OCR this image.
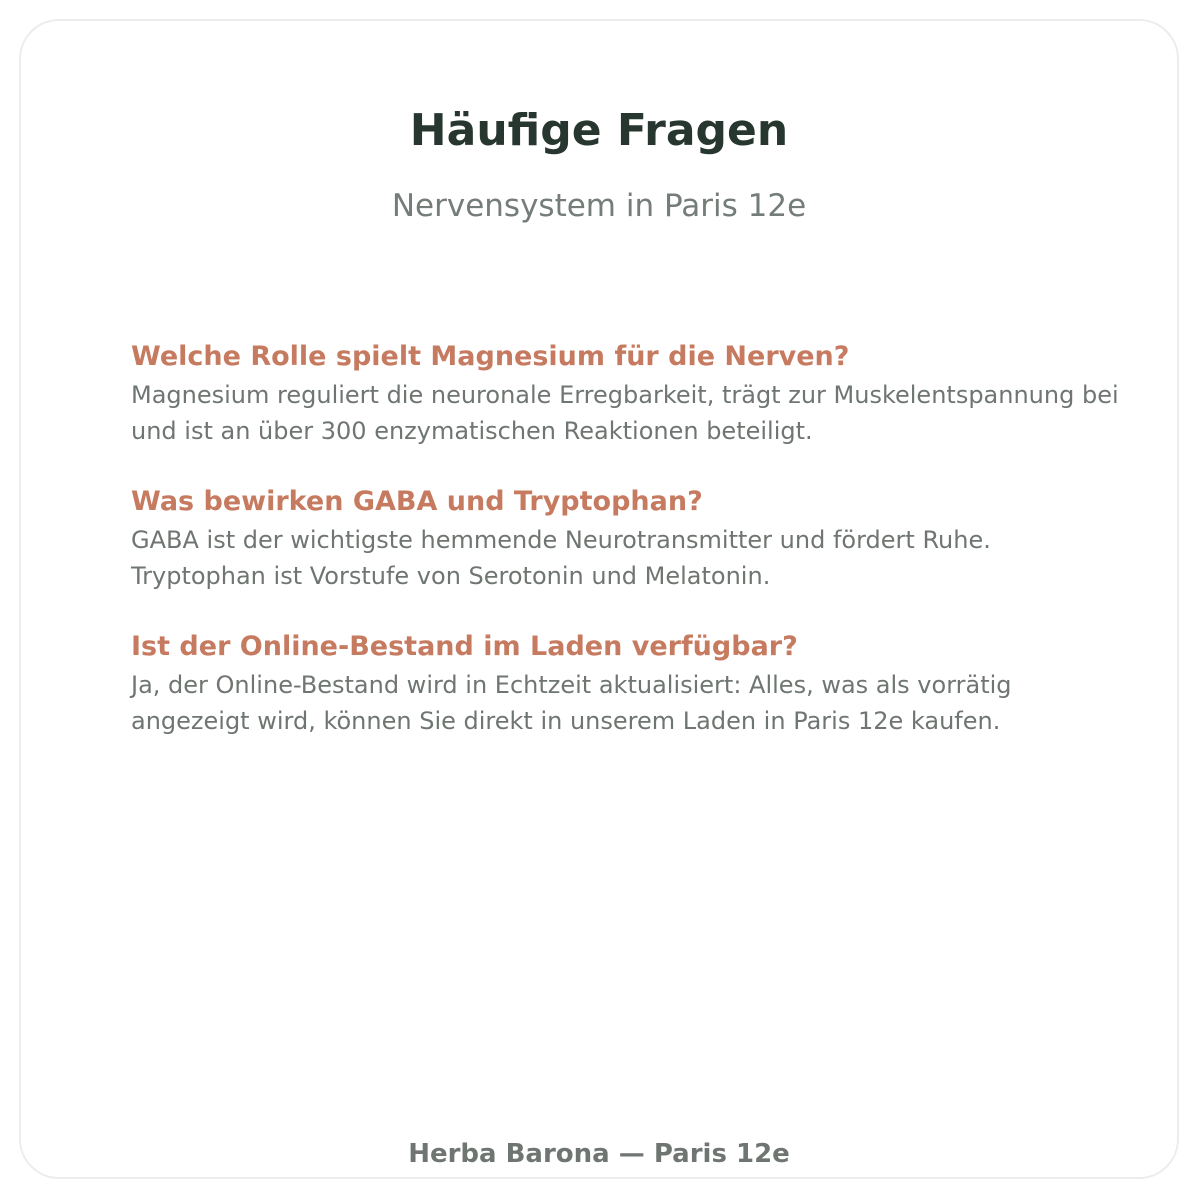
Häufige Fragen

Nervensystem in Paris 12e

Welche Rolle spielt Magnesium für die Nerven?

Magnesium reguliert die neuronale Erregbarkeit, trägt zur Muskelentspannung bei und ist an über 300 enzymatischen Reaktionen beteiligt.

Was bewirken GABA und Tryptophan?

GABA ist der wichtigste hemmende Neurotransmitter und fördert Ruhe. Tryptophan ist Vorstufe von Serotonin und Melatonin.

Ist der Online-Bestand im Laden verfügbar?

Ja, der Online-Bestand wird in Echtzeit aktualisiert: Alles, was als vorrätig angezeigt wird, können Sie direkt in unserem Laden in Paris 12e kaufen.

Herba Barona — Paris 12e
